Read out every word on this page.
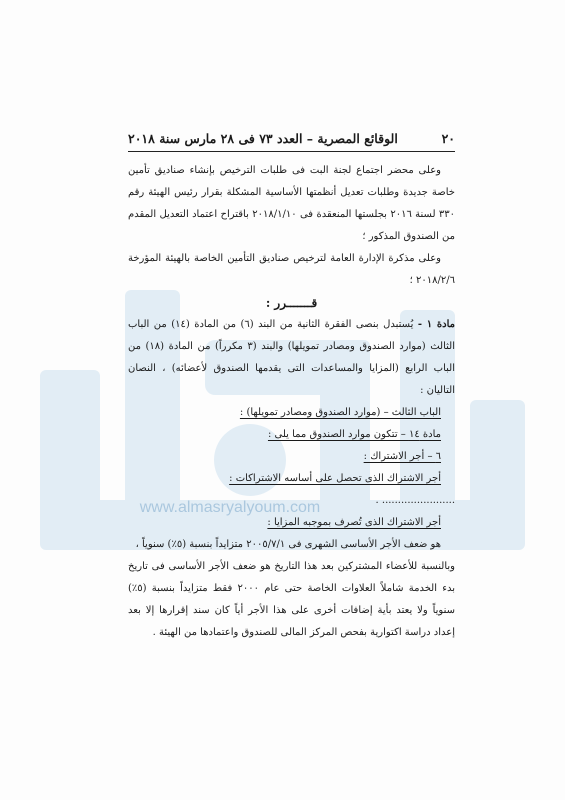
www.almasryalyoum.com
٢٠
الوقائع المصرية – العدد ٧٣ فى ٢٨ مارس سنة ٢٠١٨

وعلى محضر اجتماع لجنة البت فى طلبات الترخيص بإنشاء صناديق تأمين خاصة جديدة وطلبات تعديل أنظمتها الأساسية المشكلة بقرار رئيس الهيئة رقم ٣٣٠ لسنة ٢٠١٦ بجلستها المنعقدة فى ٢٠١٨/١/١٠ باقتراح اعتماد التعديل المقدم من الصندوق المذكور ؛

وعلى مذكرة الإدارة العامة لترخيص صناديق التأمين الخاصة بالهيئة المؤرخة ٢٠١٨/٢/٦ ؛

قـــــــرر :

مادة ١ - يُستبدل بنصى الفقرة الثانية من البند (٦) من المادة (١٤) من الباب الثالث (موارد الصندوق ومصادر تمويلها) والبند (٣ مكرراً) من المادة (١٨) من الباب الرابع (المزايا والمساعدات التى يقدمها الصندوق لأعضائه) ، النصان التاليان :

الباب الثالث – (موارد الصندوق ومصادر تمويلها) :

مادة ١٤ – تتكون موارد الصندوق مما يلى :

٦ – أجر الاشتراك :

أجر الاشتراك الذى تحصل على أساسه الاشتراكات :

....................... .

أجر الاشتراك الذى تُصرف بموجبه المزايا :

هو ضعف الأجر الأساسى الشهرى فى ٢٠٠٥/٧/١ متزايداً بنسبة (٥٪) سنوياً ،

وبالنسبة للأعضاء المشتركين بعد هذا التاريخ هو ضعف الأجر الأساسى فى تاريخ بدء الخدمة شاملاً العلاوات الخاصة حتى عام ٢٠٠٠ فقط متزايداً بنسبة (٥٪) سنوياً ولا يعتد بأية إضافات أخرى على هذا الأجر أياً كان سند إقرارها إلا بعد إعداد دراسة اكتوارية بفحص المركز المالى للصندوق واعتمادها من الهيئة .
